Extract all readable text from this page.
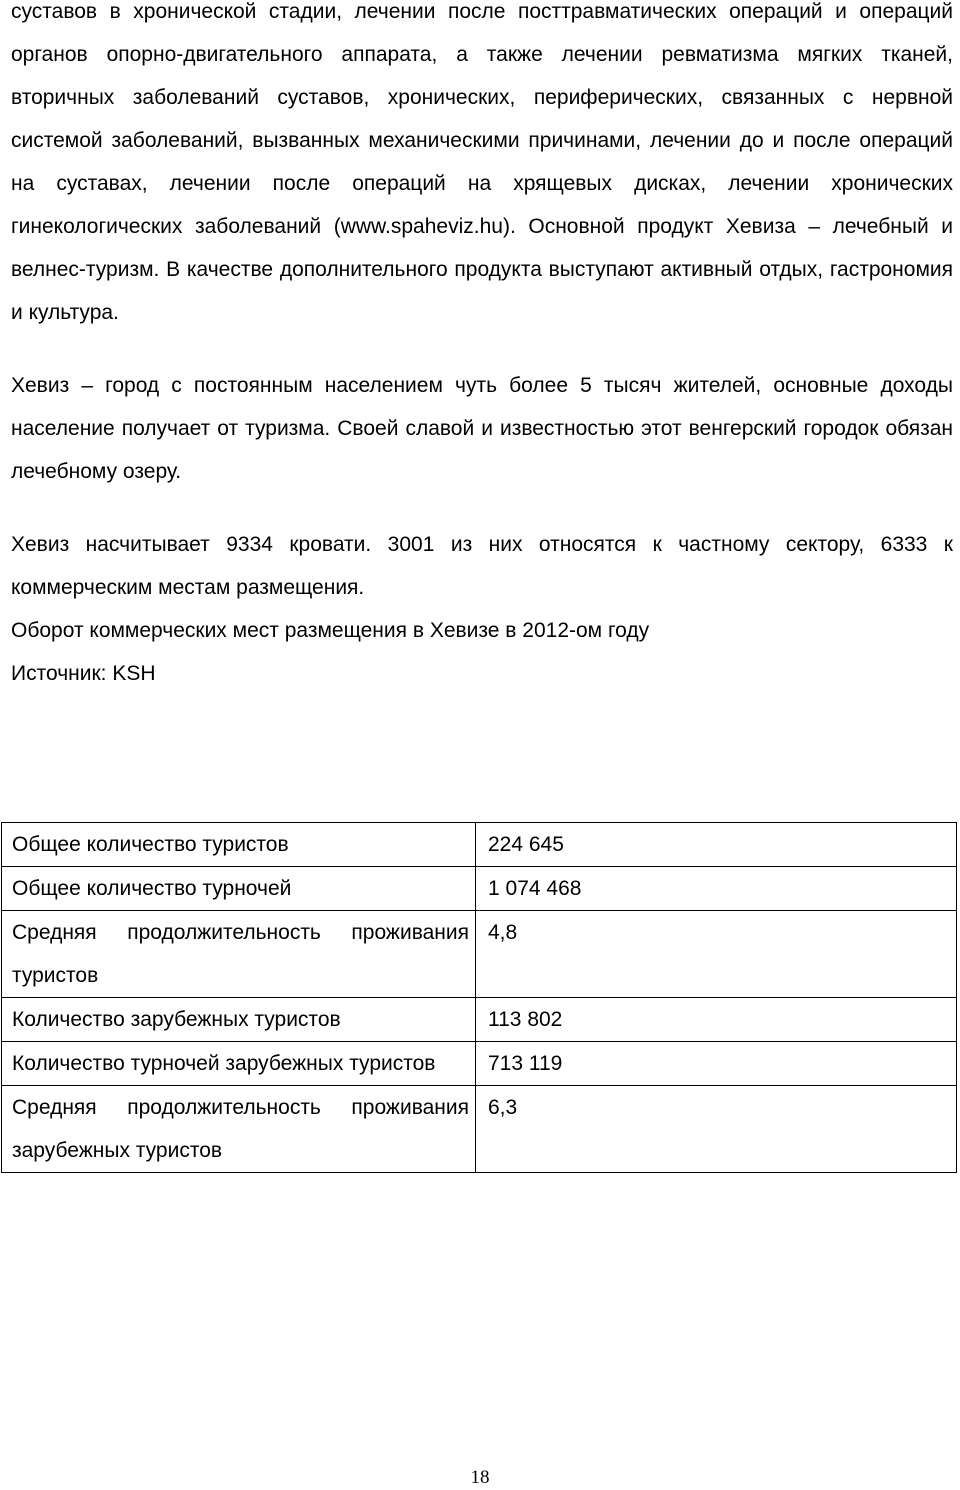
суставов в хронической стадии, лечении после посттравматических операций и операций органов опорно-двигательного аппарата, а также лечении ревматизма мягких тканей, вторичных заболеваний суставов, хронических, периферических, связанных с нервной системой заболеваний, вызванных механическими причинами, лечении до и после операций на суставах, лечении после операций на хрящевых дисках, лечении хронических гинекологических заболеваний (www.spaheviz.hu). Основной продукт Хевиза – лечебный и велнес-туризм. В качестве дополнительного продукта выступают активный отдых, гастрономия и культура.

Хевиз – город с постоянным населением чуть более 5 тысяч жителей, основные доходы население получает от туризма. Своей славой и известностью этот венгерский городок обязан лечебному озеру.

Хевиз насчитывает 9334 кровати. 3001 из них относятся к частному сектору, 6333 к коммерческим местам размещения.

Оборот коммерческих мест размещения в Хевизе в 2012-ом году

Источник: KSH

Общее количество туристов	224 645
Общее количество турночей	1 074 468
Средняя продолжительность проживания туристов	4,8
Количество зарубежных туристов	113 802
Количество турночей зарубежных туристов	713 119
Средняя продолжительность проживания зарубежных туристов	6,3
18
